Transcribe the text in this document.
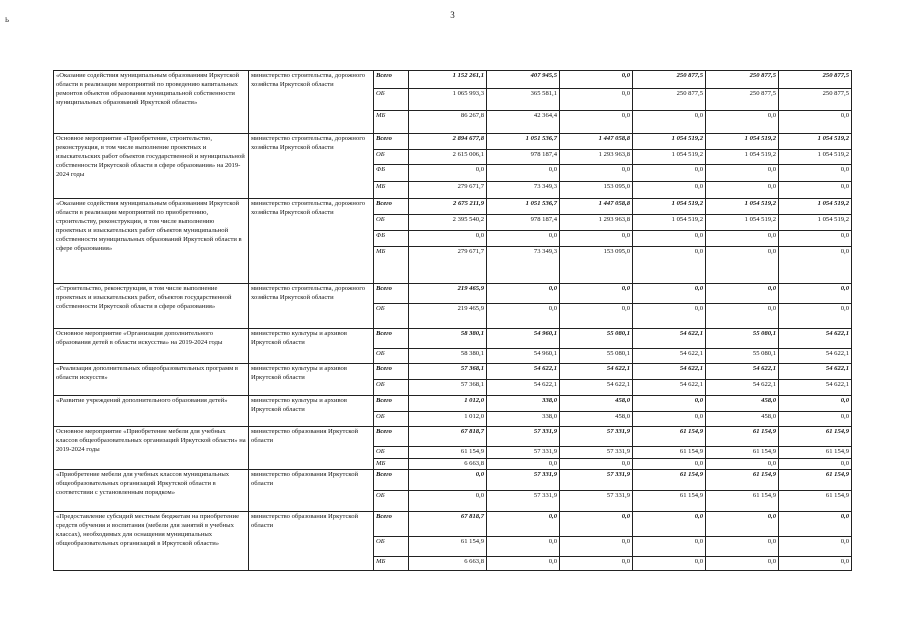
ь	3
«Оказание содействия муниципальным образованиям Иркутской области в реализации мероприятий по проведению капитальных ремонтов объектов образования муниципальной собственности муниципальных образований Иркутской области»	министерство строительства, дорожного хозяйства Иркутской области	Всего	1 152 261,1	407 945,5	0,0	250 877,5	250 877,5	250 877,5
		ОБ	1 065 993,3	365 581,1	0,0	250 877,5	250 877,5	250 877,5
		МБ	86 267,8	42 364,4	0,0	0,0	0,0	0,0
Основное мероприятие «Приобретение, строительство, реконструкция, в том числе выполнение проектных и изыскательских работ объектов государственной и муниципальной собственности Иркутской области в сфере образования» на 2019-2024 годы	министерство строительства, дорожного хозяйства Иркутской области	Всего	2 894 677,8	1 051 536,7	1 447 058,8	1 054 519,2	1 054 519,2	1 054 519,2
		ОБ	2 615 006,1	978 187,4	1 293 963,8	1 054 519,2	1 054 519,2	1 054 519,2
		ФБ	0,0	0,0	0,0	0,0	0,0	0,0
		МБ	279 671,7	73 349,3	153 095,0	0,0	0,0	0,0
«Оказание содействия муниципальным образованиям Иркутской области в реализации мероприятий по приобретению, строительству, реконструкции, в том числе выполнению проектных и изыскательских работ объектов муниципальной собственности муниципальных образований Иркутской области в сфере образования»	министерство строительства, дорожного хозяйства Иркутской области	Всего	2 675 211,9	1 051 536,7	1 447 058,8	1 054 519,2	1 054 519,2	1 054 519,2
		ОБ	2 395 540,2	978 187,4	1 293 963,8	1 054 519,2	1 054 519,2	1 054 519,2
		ФБ	0,0	0,0	0,0	0,0	0,0	0,0
		МБ	279 671,7	73 349,3	153 095,0	0,0	0,0	0,0
«Строительство, реконструкция, в том числе выполнение проектных и изыскательских работ, объектов государственной собственности Иркутской области в сфере образования»	министерство строительства, дорожного хозяйства Иркутской области	Всего	219 465,9	0,0	0,0	0,0	0,0	0,0
		ОБ	219 465,9	0,0	0,0	0,0	0,0	0,0
Основное мероприятие «Организация дополнительного образования детей в области искусства» на 2019-2024 годы	министерство культуры и архивов Иркутской области	Всего	58 380,1	54 960,1	55 080,1	54 622,1	55 080,1	54 622,1
		ОБ	58 380,1	54 960,1	55 080,1	54 622,1	55 080,1	54 622,1
«Реализация дополнительных общеобразовательных программ в области искусств»	министерство культуры и архивов Иркутской области	Всего	57 368,1	54 622,1	54 622,1	54 622,1	54 622,1	54 622,1
		ОБ	57 368,1	54 622,1	54 622,1	54 622,1	54 622,1	54 622,1
«Развитие учреждений дополнительного образования детей»	министерство культуры и архивов Иркутской области	Всего	1 012,0	338,0	458,0	0,0	458,0	0,0
		ОБ	1 012,0	338,0	458,0	0,0	458,0	0,0
Основное мероприятие «Приобретение мебели для учебных классов общеобразовательных организаций Иркутской области» на 2019-2024 годы	министерство образования Иркутской области	Всего	67 818,7	57 331,9	57 331,9	61 154,9	61 154,9	61 154,9
		ОБ	61 154,9	57 331,9	57 331,9	61 154,9	61 154,9	61 154,9
		МБ	6 663,8	0,0	0,0	0,0	0,0	0,0
«Приобретение мебели для учебных классов муниципальных общеобразовательных организаций Иркутской области в соответствии с установленным порядком»	министерство образования Иркутской области	Всего	0,0	57 331,9	57 331,9	61 154,9	61 154,9	61 154,9
		ОБ	0,0	57 331,9	57 331,9	61 154,9	61 154,9	61 154,9
«Предоставление субсидий местным бюджетам на приобретение средств обучения и воспитания (мебели для занятий в учебных классах), необходимых для оснащения муниципальных общеобразовательных организаций в Иркутской области»	министерство образования Иркутской области	Всего	67 818,7	0,0	0,0	0,0	0,0	0,0
		ОБ	61 154,9	0,0	0,0	0,0	0,0	0,0
		МБ	6 663,8	0,0	0,0	0,0	0,0	0,0
